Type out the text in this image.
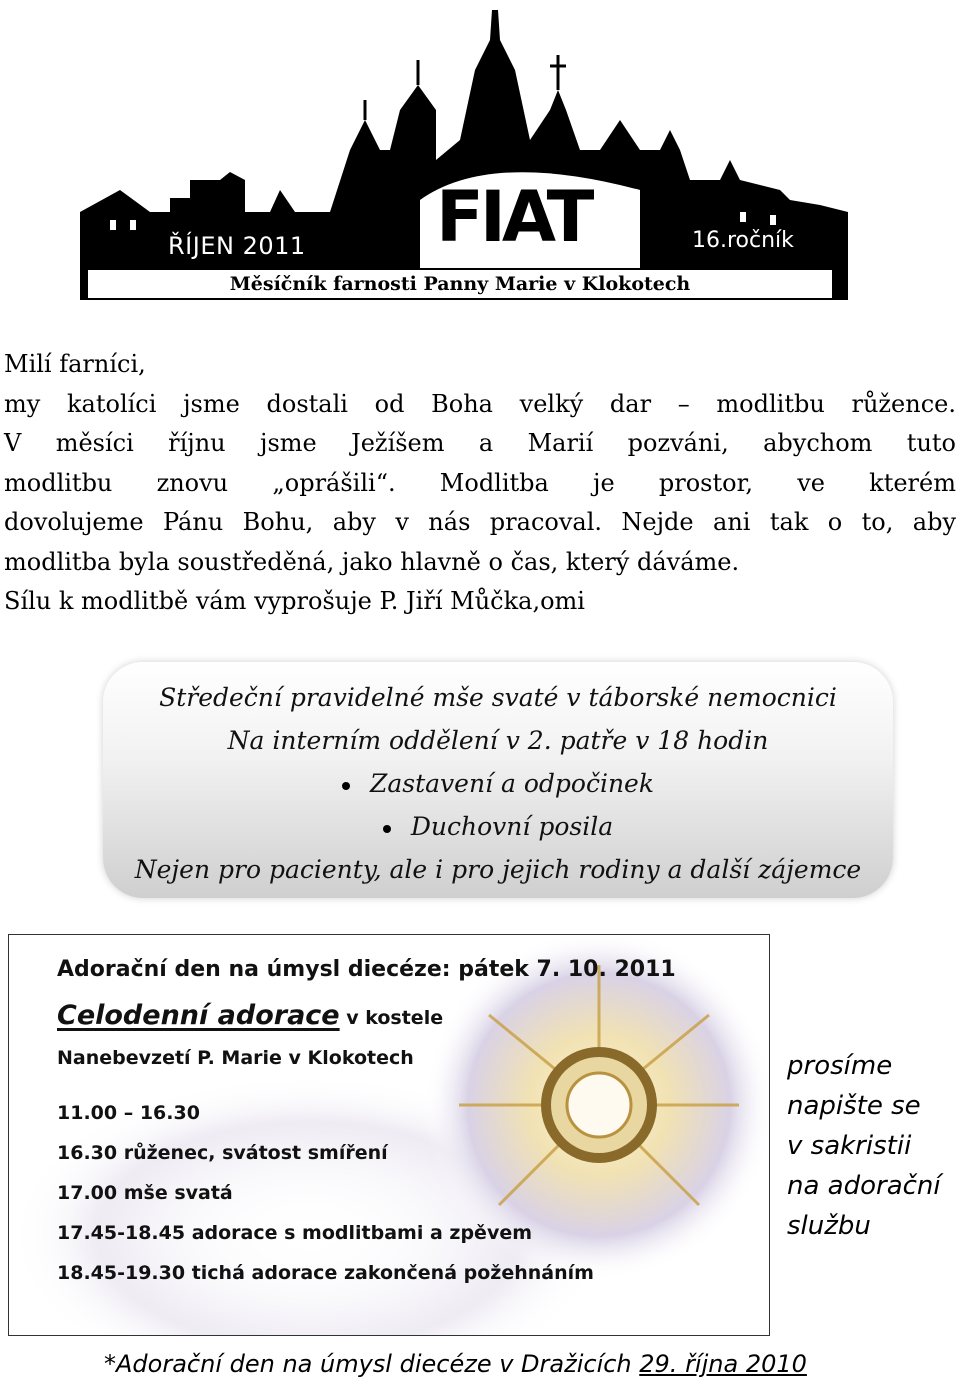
FIAT
ŘÍJEN 2011	16.ročník
Měsíčník farnosti Panny Marie v Klokotech

Milí farníci,

my katolíci jsme dostali od Boha velký dar – modlitbu růžence.

V měsíci říjnu jsme Ježíšem a Marií pozváni, abychom tuto

modlitbu znovu „oprášili“. Modlitba je prostor, ve kterém

dovolujeme Pánu Bohu, aby v nás pracoval. Nejde ani tak o to, aby

modlitba byla soustředěná, jako hlavně o čas, který dáváme.

Sílu k modlitbě vám vyprošuje P. Jiří Můčka,omi

Středeční pravidelné mše svaté v táborské nemocnici
Na interním oddělení v 2. patře v 18 hodin
Zastavení a odpočinek
Duchovní posila
Nejen pro pacienty, ale i pro jejich rodiny a další zájemce

Adorační den na úmysl diecéze: pátek 7. 10. 2011

Celodenní adorace v kostele

Nanebevzetí P. Marie v Klokotech

11.00 – 16.30
16.30 růženec, svátost smíření
17.00 mše svatá
17.45-18.45 adorace s modlitbami a zpěvem
18.45-19.30 tichá adorace zakončená požehnáním
prosíme
napište se
v sakristii
na adorační
službu
*Adorační den na úmysl diecéze v Dražicích 29. října 2010
